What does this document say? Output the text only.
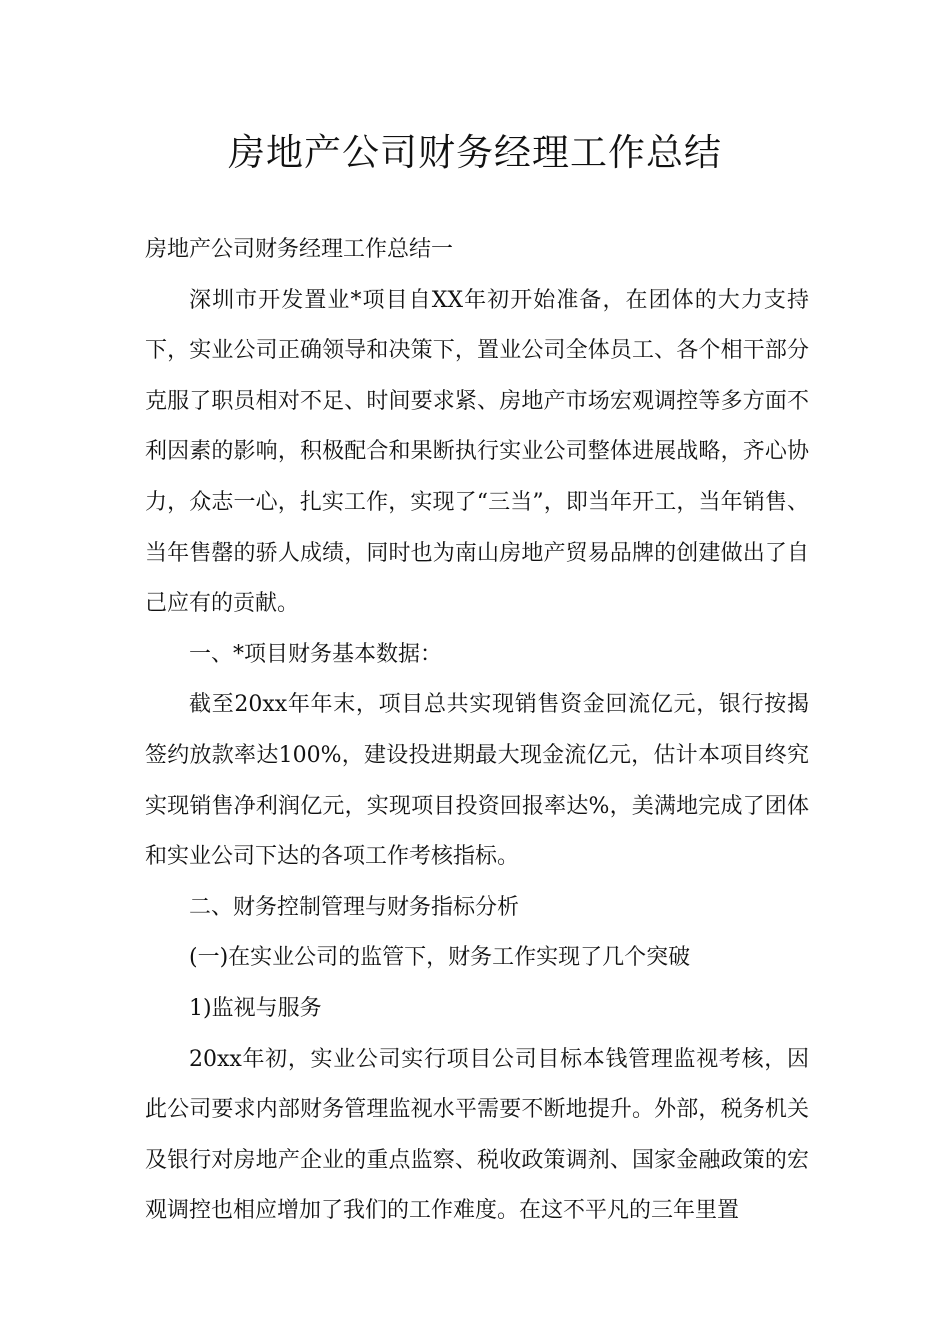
房地产公司财务经理工作总结

房地产公司财务经理工作总结一

深圳市开发置业*项目自XX年初开始准备，在团体的大力支持下，实业公司正确领导和决策下，置业公司全体员工、各个相干部分克服了职员相对不足、时间要求紧、房地产市场宏观调控等多方面不利因素的影响，积极配合和果断执行实业公司整体进展战略，齐心协力，众志一心，扎实工作，实现了“三当”，即当年开工，当年销售、当年售罄的骄人成绩，同时也为南山房地产贸易品牌的创建做出了自己应有的贡献。

一、*项目财务基本数据：

截至20xx年年末，项目总共实现销售资金回流亿元，银行按揭签约放款率达100%，建设投进期最大现金流亿元，估计本项目终究实现销售净利润亿元，实现项目投资回报率达%，美满地完成了团体和实业公司下达的各项工作考核指标。

二、财务控制管理与财务指标分析

(一)在实业公司的监管下，财务工作实现了几个突破

1)监视与服务

20xx年初，实业公司实行项目公司目标本钱管理监视考核，因此公司要求内部财务管理监视水平需要不断地提升。外部，税务机关及银行对房地产企业的重点监察、税收政策调剂、国家金融政策的宏观调控也相应增加了我们的工作难度。在这不平凡的三年里置
